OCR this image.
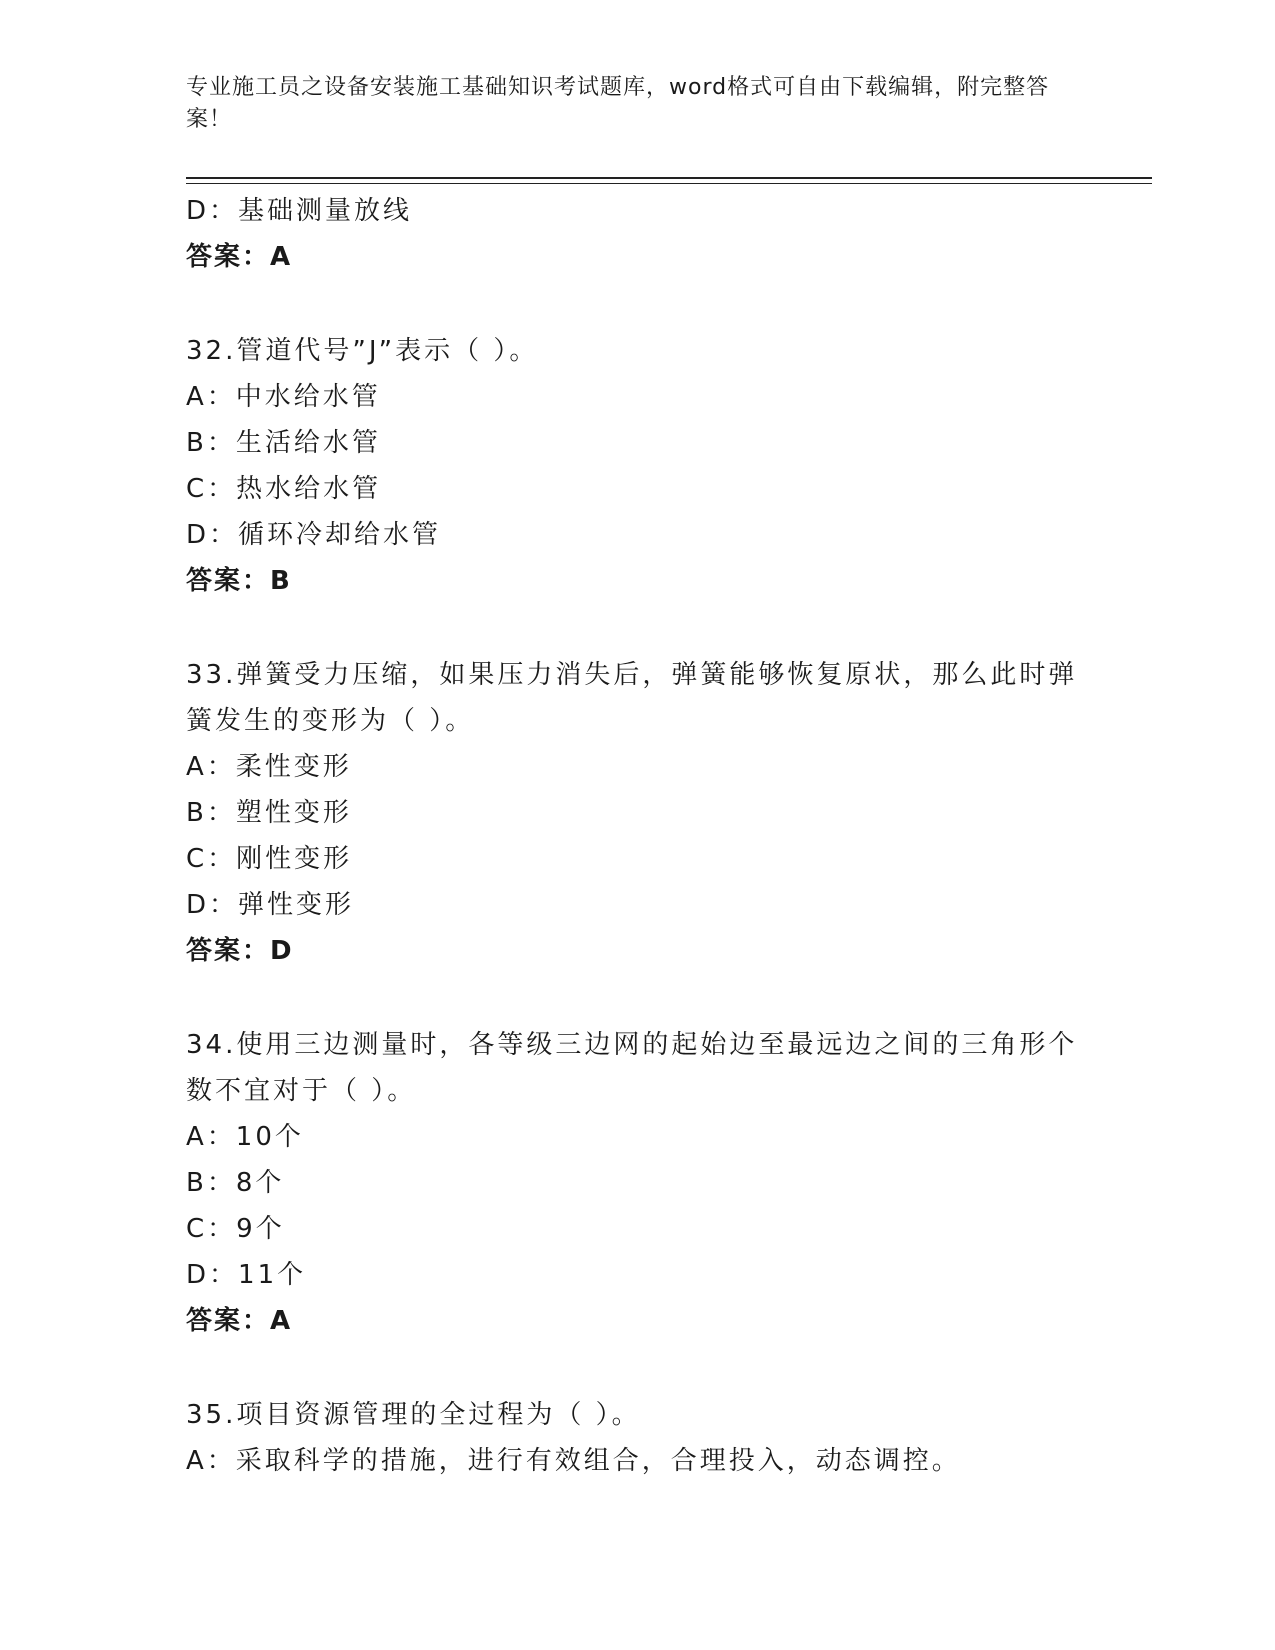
专业施工员之设备安装施工基础知识考试题库，word格式可自由下载编辑，附完整答案！
D：基础测量放线
答案：A
32.管道代号”J”表示（ ）。
A：中水给水管
B：生活给水管
C：热水给水管
D：循环冷却给水管
答案：B
33.弹簧受力压缩，如果压力消失后，弹簧能够恢复原状，那么此时弹簧发生的变形为（ ）。
A：柔性变形
B：塑性变形
C：刚性变形
D：弹性变形
答案：D
34.使用三边测量时，各等级三边网的起始边至最远边之间的三角形个数不宜对于（ ）。
A：10个
B：8个
C：9个
D：11个
答案：A
35.项目资源管理的全过程为（ ）。
A：采取科学的措施，进行有效组合，合理投入，动态调控。
